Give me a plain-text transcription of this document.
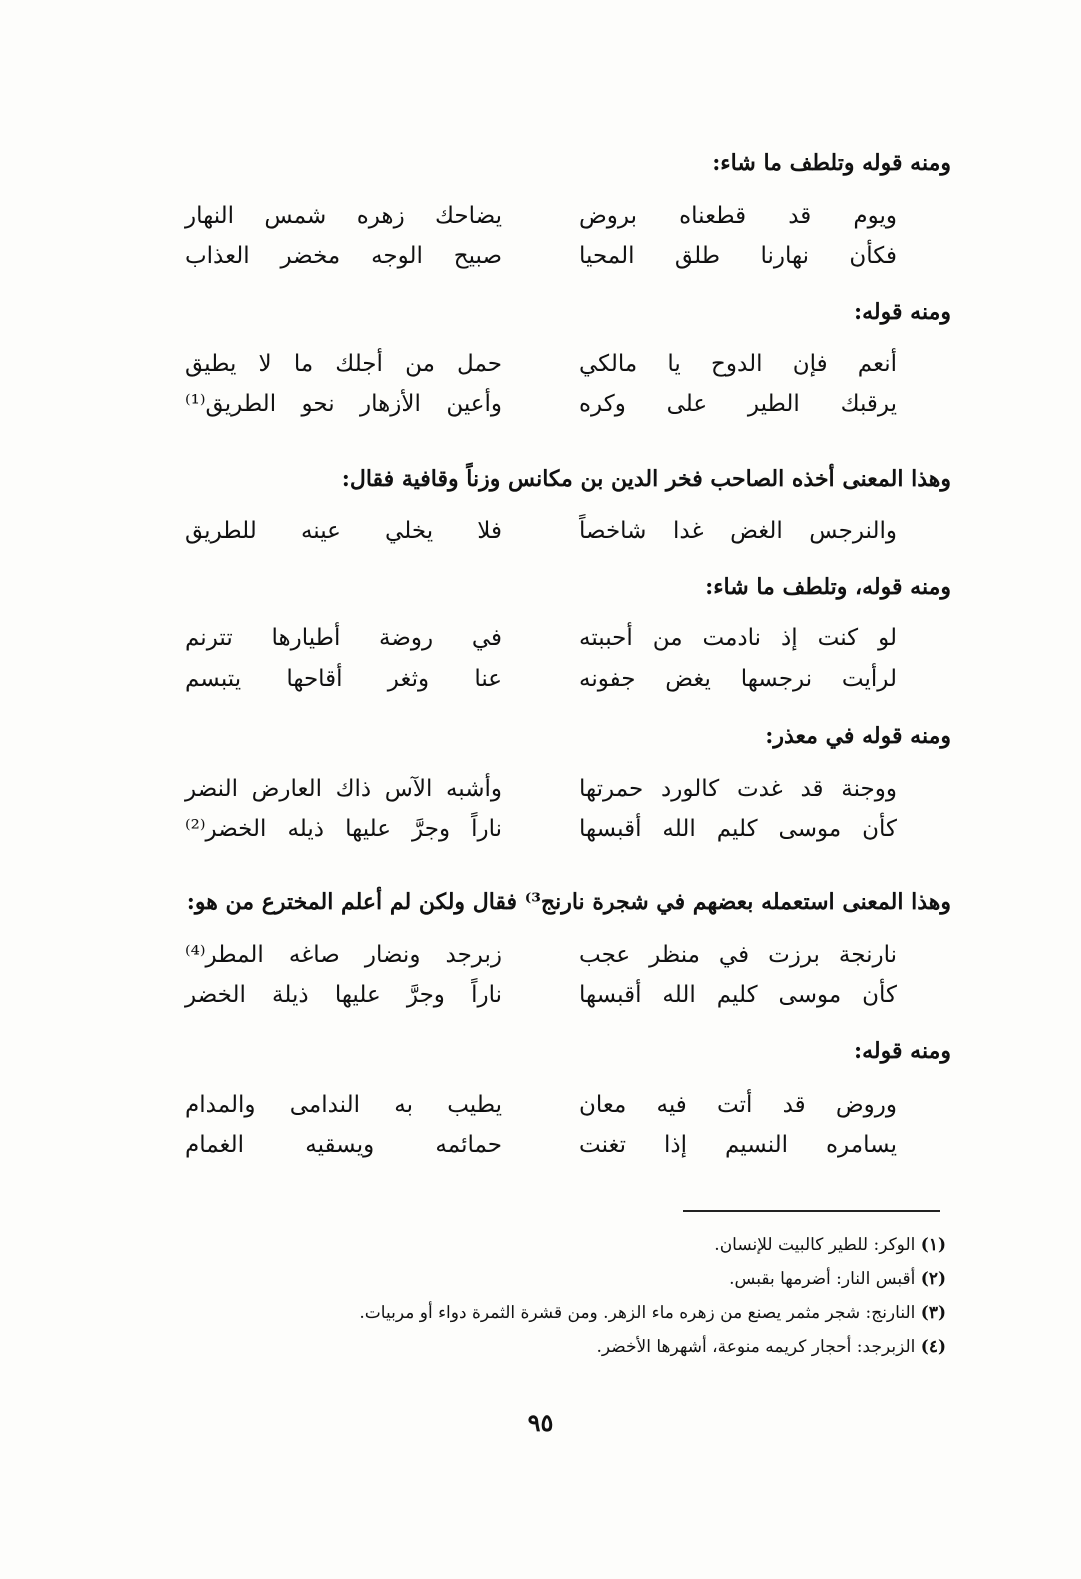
ومنه قوله وتلطف ما شاء:
ويوم قد قطعناه بروض
يضاحك زهره شمس النهار
فكأن نهارنا طلق المحيا
صبيح الوجه مخضر العذاب
ومنه قوله:
أنعم فإن الدوح يا مالكي
حمل من أجلك ما لا يطيق
يرقبك الطير على وكره
وأعين الأزهار نحو الطريق⁽¹⁾
وهذا المعنى أخذه الصاحب فخر الدين بن مكانس وزناً وقافية فقال:
والنرجس الغض غدا شاخصاً
فلا يخلي عينه للطريق
ومنه قوله، وتلطف ما شاء:
لو كنت إذ نادمت من أحببته
في روضة أطيارها تترنم
لرأيت نرجسها يغض جفونه
عنا وثغر أقاحها يتبسم
ومنه قوله في معذر:
ووجنة قد غدت كالورد حمرتها
وأشبه الآس ذاك العارض النضر
كأن موسى كليم الله أقبسها
ناراً وجرَّ عليها ذيله الخضر⁽²⁾
وهذا المعنى استعمله بعضهم في شجرة نارنج³⁾ فقال ولكن لم أعلم المخترع من هو:
نارنجة برزت في منظر عجب
زبرجد ونضار صاغه المطر⁽⁴⁾
كأن موسى كليم الله أقبسها
ناراً وجرَّ عليها ذيلة الخضر
ومنه قوله:
وروض قد أتت فيه معان
يطيب به الندامى والمدام
يسامره النسيم إذا تغنت
حمائمه ويسقيه الغمام
(١) الوكر: للطير كالبيت للإنسان.
(٢) أقبس النار: أضرمها بقبس.
(٣) النارنج: شجر مثمر يصنع من زهره ماء الزهر. ومن قشرة الثمرة دواء أو مربيات.
(٤) الزبرجد: أحجار كريمه منوعة، أشهرها الأخضر.
٩٥
